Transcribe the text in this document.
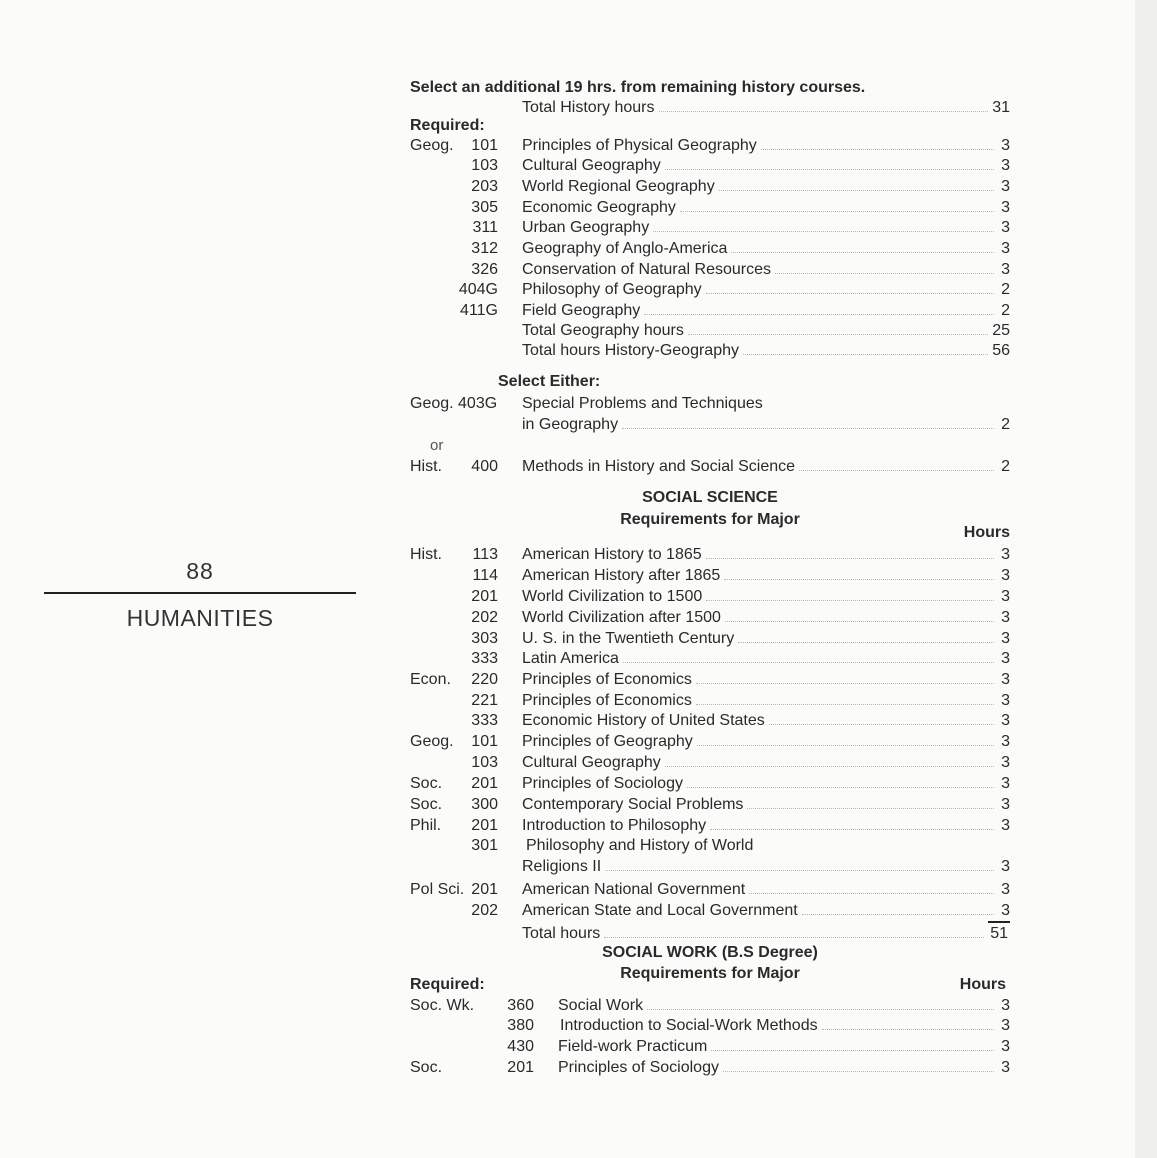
88
HUMANITIES
Select an additional 19 hrs. from remaining history courses.
Total History hours	31
Required:
Geog.	101 Principles of Physical Geography	3
103 Cultural Geography	3
203 World Regional Geography	3
305 Economic Geography	3
311 Urban Geography	3
312 Geography of Anglo-America	3
326 Conservation of Natural Resources	3
404G Philosophy of Geography	2
411G Field Geography	2
Total Geography hours	25
Total hours History-Geography	56
Select Either:
Geog. 403G Special Problems and Techniques
in Geography	2
or
Hist.	400 Methods in History and Social Science	2
SOCIAL SCIENCE
Requirements for Major
Hours
Hist.	113 American History to 1865	3
114 American History after 1865	3
201 World Civilization to 1500	3
202 World Civilization after 1500	3
303 U. S. in the Twentieth Century	3
333 Latin America	3
Econ.	220 Principles of Economics	3
221 Principles of Economics	3
333 Economic History of United States	3
Geog.	101 Principles of Geography	3
103 Cultural Geography	3
Soc.	201 Principles of Sociology	3
Soc.	300 Contemporary Social Problems	3
Phil.	201 Introduction to Philosophy	3
301 Philosophy and History of World
Religions II	3
Pol Sci. 201 American National Government	3
202 American State and Local Government	3
Total hours	51
SOCIAL WORK (B.S Degree)
Requirements for Major
Required:	Hours
Soc. Wk.	360 Social Work	3
380 Introduction to Social-Work Methods	3
430 Field-work Practicum	3
Soc.	201 Principles of Sociology	3
